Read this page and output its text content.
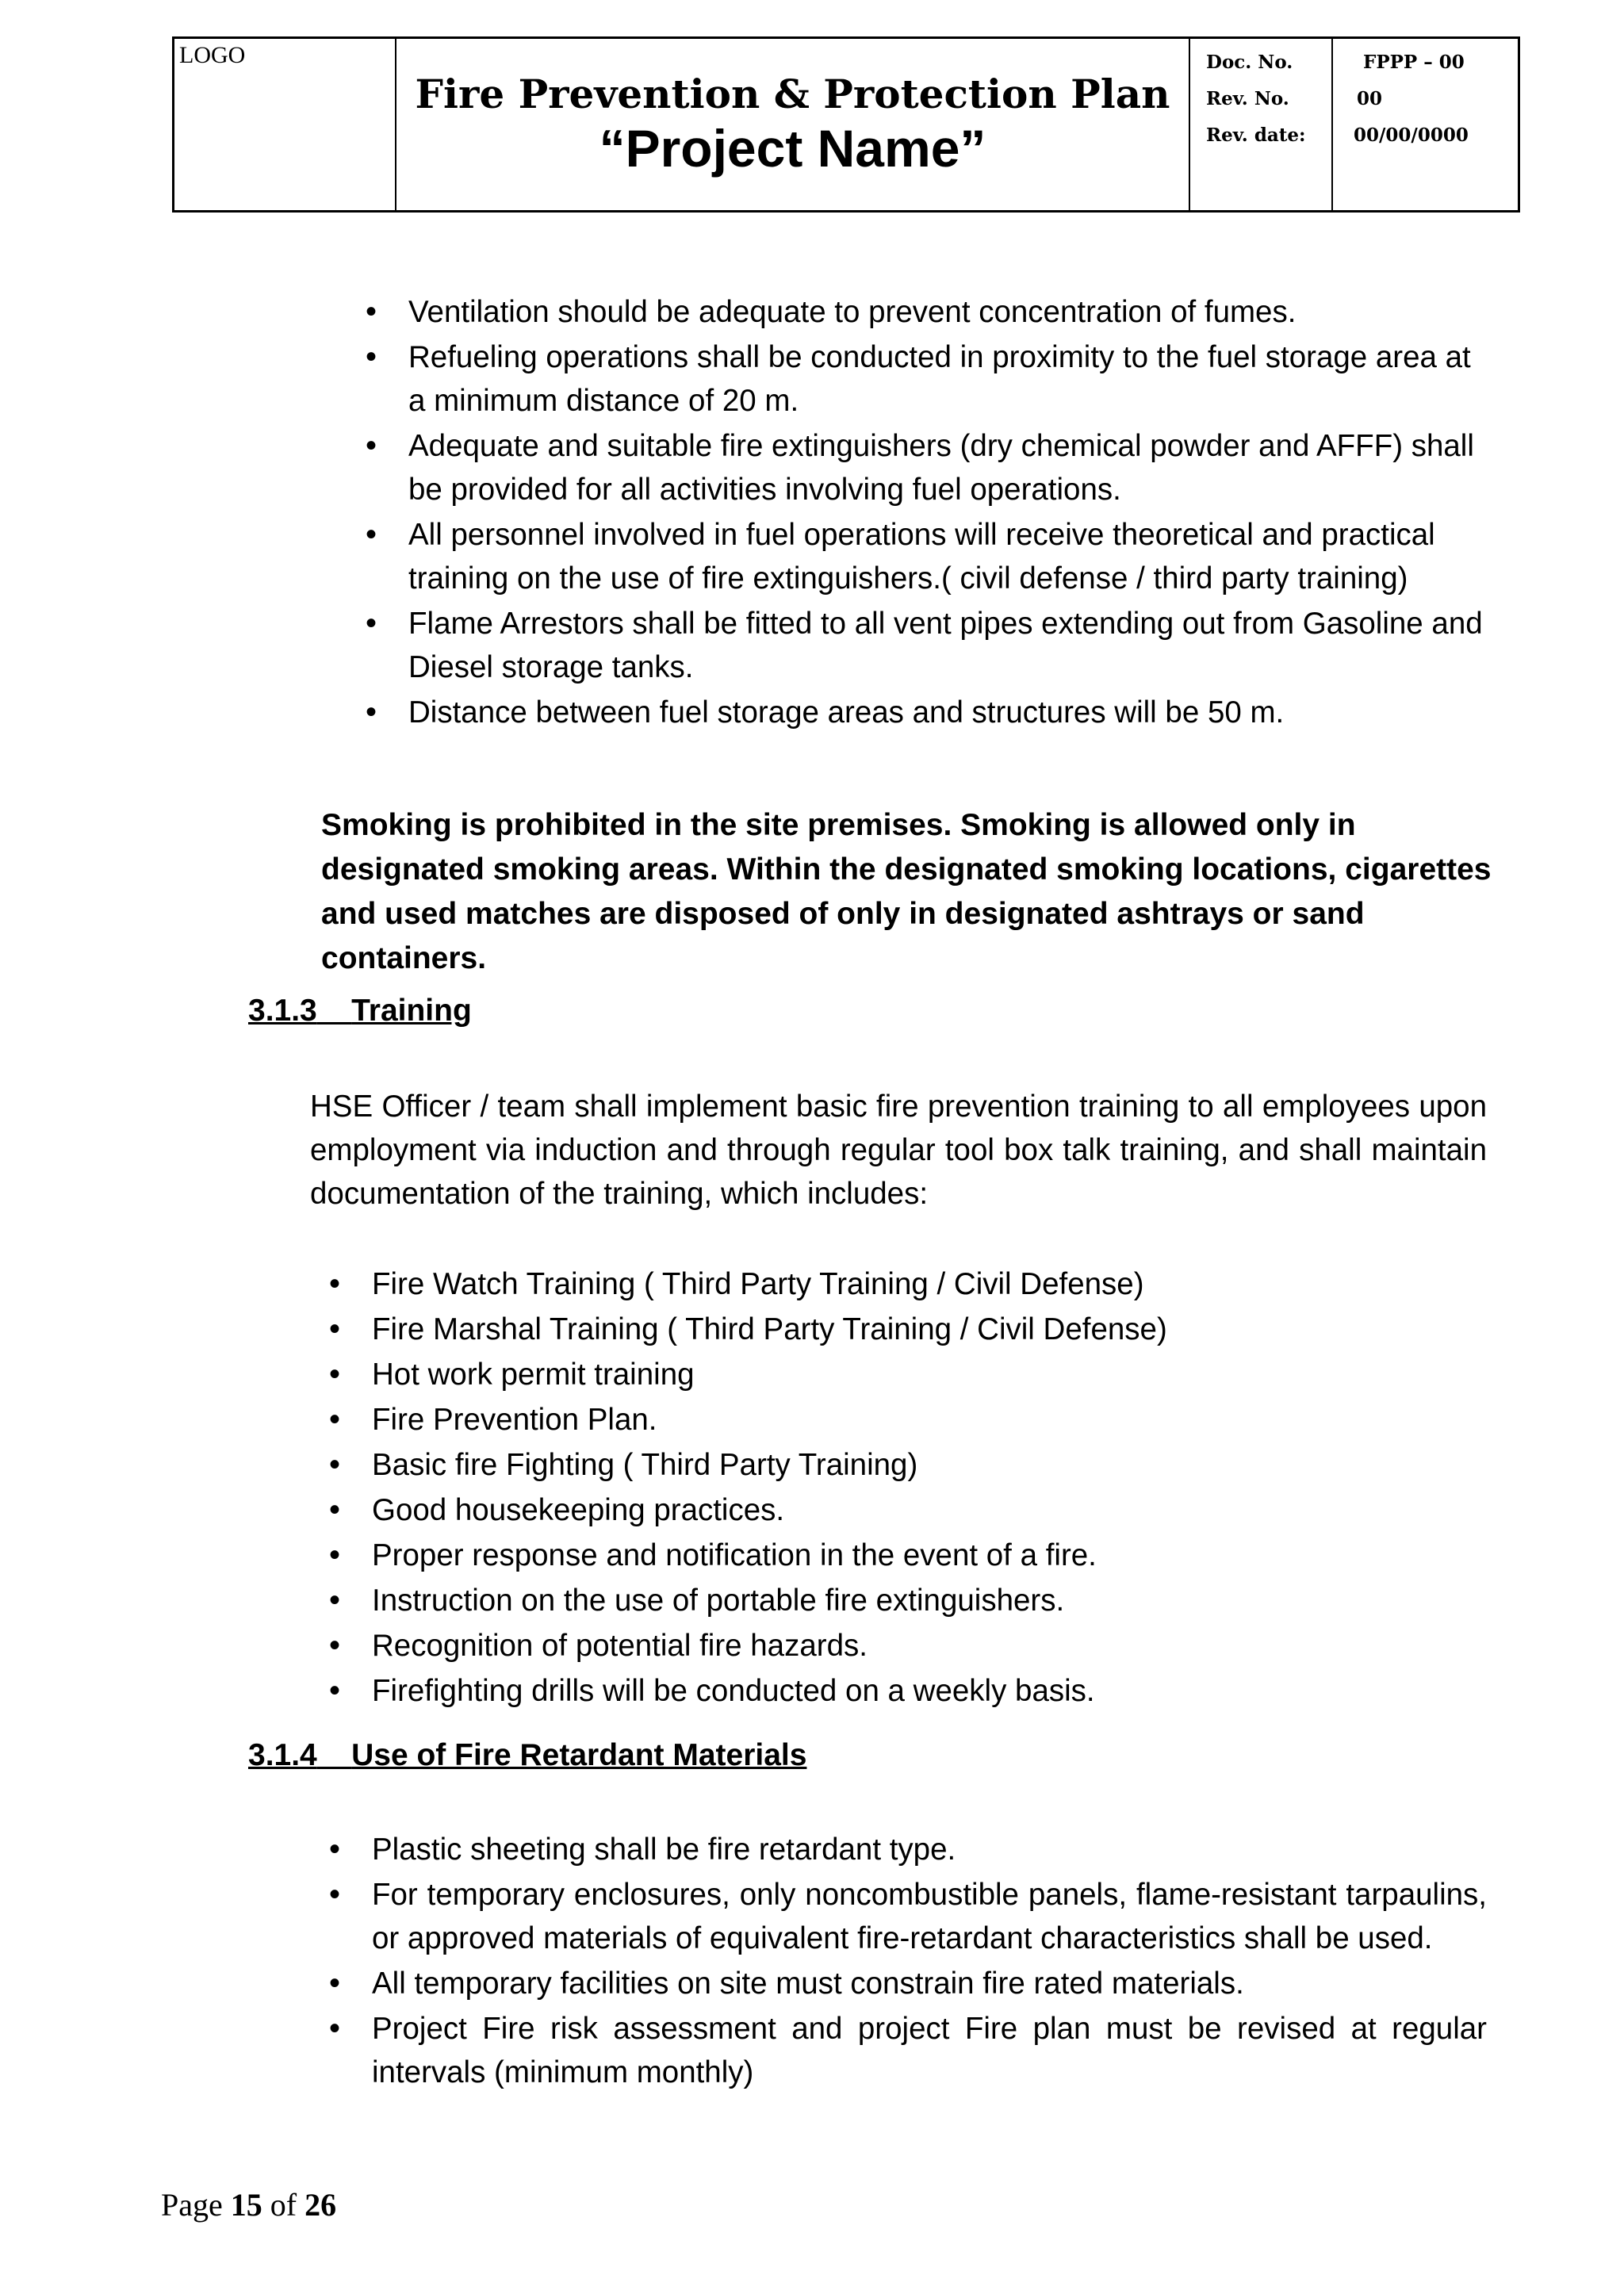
LOGO
Fire Prevention & Protection Plan
“Project Name”
Doc. No.
Rev. No.
Rev. date:
FPPP – 00
00
00/00/0000
• Ventilation should be adequate to prevent concentration of fumes.
• Refueling operations shall be conducted in proximity to the fuel storage area at a minimum distance of 20 m.
• Adequate and suitable fire extinguishers (dry chemical powder and AFFF) shall be provided for all activities involving fuel operations.
• All personnel involved in fuel operations will receive theoretical and practical training on the use of fire extinguishers.( civil defense / third party training)
• Flame Arrestors shall be fitted to all vent pipes extending out from Gasoline and Diesel storage tanks.
• Distance between fuel storage areas and structures will be 50 m.
Smoking is prohibited in the site premises. Smoking is allowed only in designated smoking areas. Within the designated smoking locations, cigarettes and used matches are disposed of only in designated ashtrays or sand containers.
3.1.3 Training
HSE Officer / team shall implement basic fire prevention training to all employees upon employment via induction and through regular tool box talk training, and shall maintain documentation of the training, which includes:
• Fire Watch Training ( Third Party Training / Civil Defense)
• Fire Marshal Training ( Third Party Training / Civil Defense)
• Hot work permit training
• Fire Prevention Plan.
• Basic fire Fighting ( Third Party Training)
• Good housekeeping practices.
• Proper response and notification in the event of a fire.
• Instruction on the use of portable fire extinguishers.
• Recognition of potential fire hazards.
• Firefighting drills will be conducted on a weekly basis.
3.1.4 Use of Fire Retardant Materials
• Plastic sheeting shall be fire retardant type.
• For temporary enclosures, only noncombustible panels, flame-resistant tarpaulins, or approved materials of equivalent fire-retardant characteristics shall be used.
• All temporary facilities on site must constrain fire rated materials.
• Project Fire risk assessment and project Fire plan must be revised at regular intervals (minimum monthly)
Page 15 of 26
